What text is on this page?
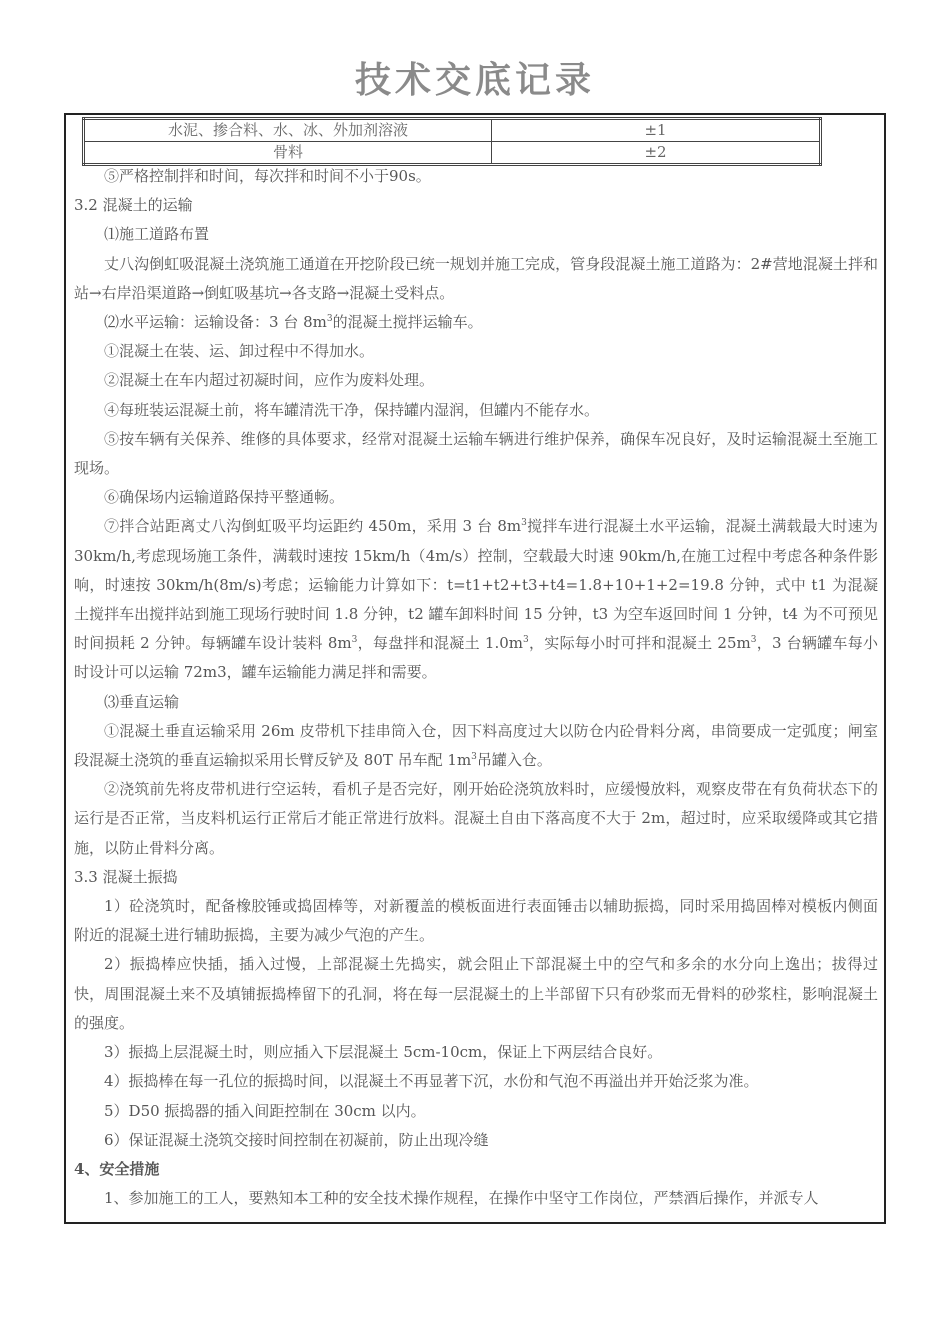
技术交底记录
水泥、掺合料、水、冰、外加剂溶液	±1
骨料	±2

⑤严格控制拌和时间，每次拌和时间不小于90s。

3.2 混凝土的运输

⑴施工道路布置

丈八沟倒虹吸混凝土浇筑施工通道在开挖阶段已统一规划并施工完成，管身段混凝土施工道路为：2#营地混凝土拌和站→右岸沿渠道路→倒虹吸基坑→各支路→混凝土受料点。

⑵水平运输：运输设备：3 台 $8m^3$的混凝土搅拌运输车。

①混凝土在装、运、卸过程中不得加水。

②混凝土在车内超过初凝时间，应作为废料处理。

④每班装运混凝土前，将车罐清洗干净，保持罐内湿润，但罐内不能存水。

⑤按车辆有关保养、维修的具体要求，经常对混凝土运输车辆进行维护保养，确保车况良好，及时运输混凝土至施工现场。

⑥确保场内运输道路保持平整通畅。

⑦拌合站距离丈八沟倒虹吸平均运距约 450m，采用 3 台 $8m^3$搅拌车进行混凝土水平运输，混凝土满载最大时速为 30km/h,考虑现场施工条件，满载时速按 15km/h（4m/s）控制，空载最大时速 90km/h,在施工过程中考虑各种条件影响，时速按 30km/h(8m/s)考虑；运输能力计算如下：t=t1+t2+t3+t4=1.8+10+1+2=19.8 分钟，式中 t1 为混凝土搅拌车出搅拌站到施工现场行驶时间 1.8 分钟，t2 罐车卸料时间 15 分钟，t3 为空车返回时间 1 分钟，t4 为不可预见时间损耗 2 分钟。每辆罐车设计装料 $8m^3$，每盘拌和混凝土 $1.0m^3$，实际每小时可拌和混凝土 $25m^3$，3 台辆罐车每小时设计可以运输 72m3，罐车运输能力满足拌和需要。

⑶垂直运输

①混凝土垂直运输采用 26m 皮带机下挂串筒入仓，因下料高度过大以防仓内砼骨料分离，串筒要成一定弧度；闸室段混凝土浇筑的垂直运输拟采用长臂反铲及 80T 吊车配 $1m^3$吊罐入仓。

②浇筑前先将皮带机进行空运转，看机子是否完好，刚开始砼浇筑放料时，应缓慢放料，观察皮带在有负荷状态下的运行是否正常，当皮料机运行正常后才能正常进行放料。混凝土自由下落高度不大于 2m，超过时，应采取缓降或其它措施，以防止骨料分离。

3.3 混凝土振捣

1）砼浇筑时，配备橡胶锤或捣固棒等，对新覆盖的模板面进行表面锤击以辅助振捣，同时采用捣固棒对模板内侧面附近的混凝土进行辅助振捣，主要为减少气泡的产生。

2）振捣棒应快插，插入过慢，上部混凝土先捣实，就会阻止下部混凝土中的空气和多余的水分向上逸出；拔得过快，周围混凝土来不及填铺振捣棒留下的孔洞，将在每一层混凝土的上半部留下只有砂浆而无骨料的砂浆柱，影响混凝土的强度。

3）振捣上层混凝土时，则应插入下层混凝土 5cm-10cm，保证上下两层结合良好。

4）振捣棒在每一孔位的振捣时间，以混凝土不再显著下沉，水份和气泡不再溢出并开始泛浆为准。

5）D50 振捣器的插入间距控制在 30cm 以内。

6）保证混凝土浇筑交接时间控制在初凝前，防止出现冷缝

4、安全措施

1、参加施工的工人，要熟知本工种的安全技术操作规程，在操作中坚守工作岗位，严禁酒后操作，并派专人
